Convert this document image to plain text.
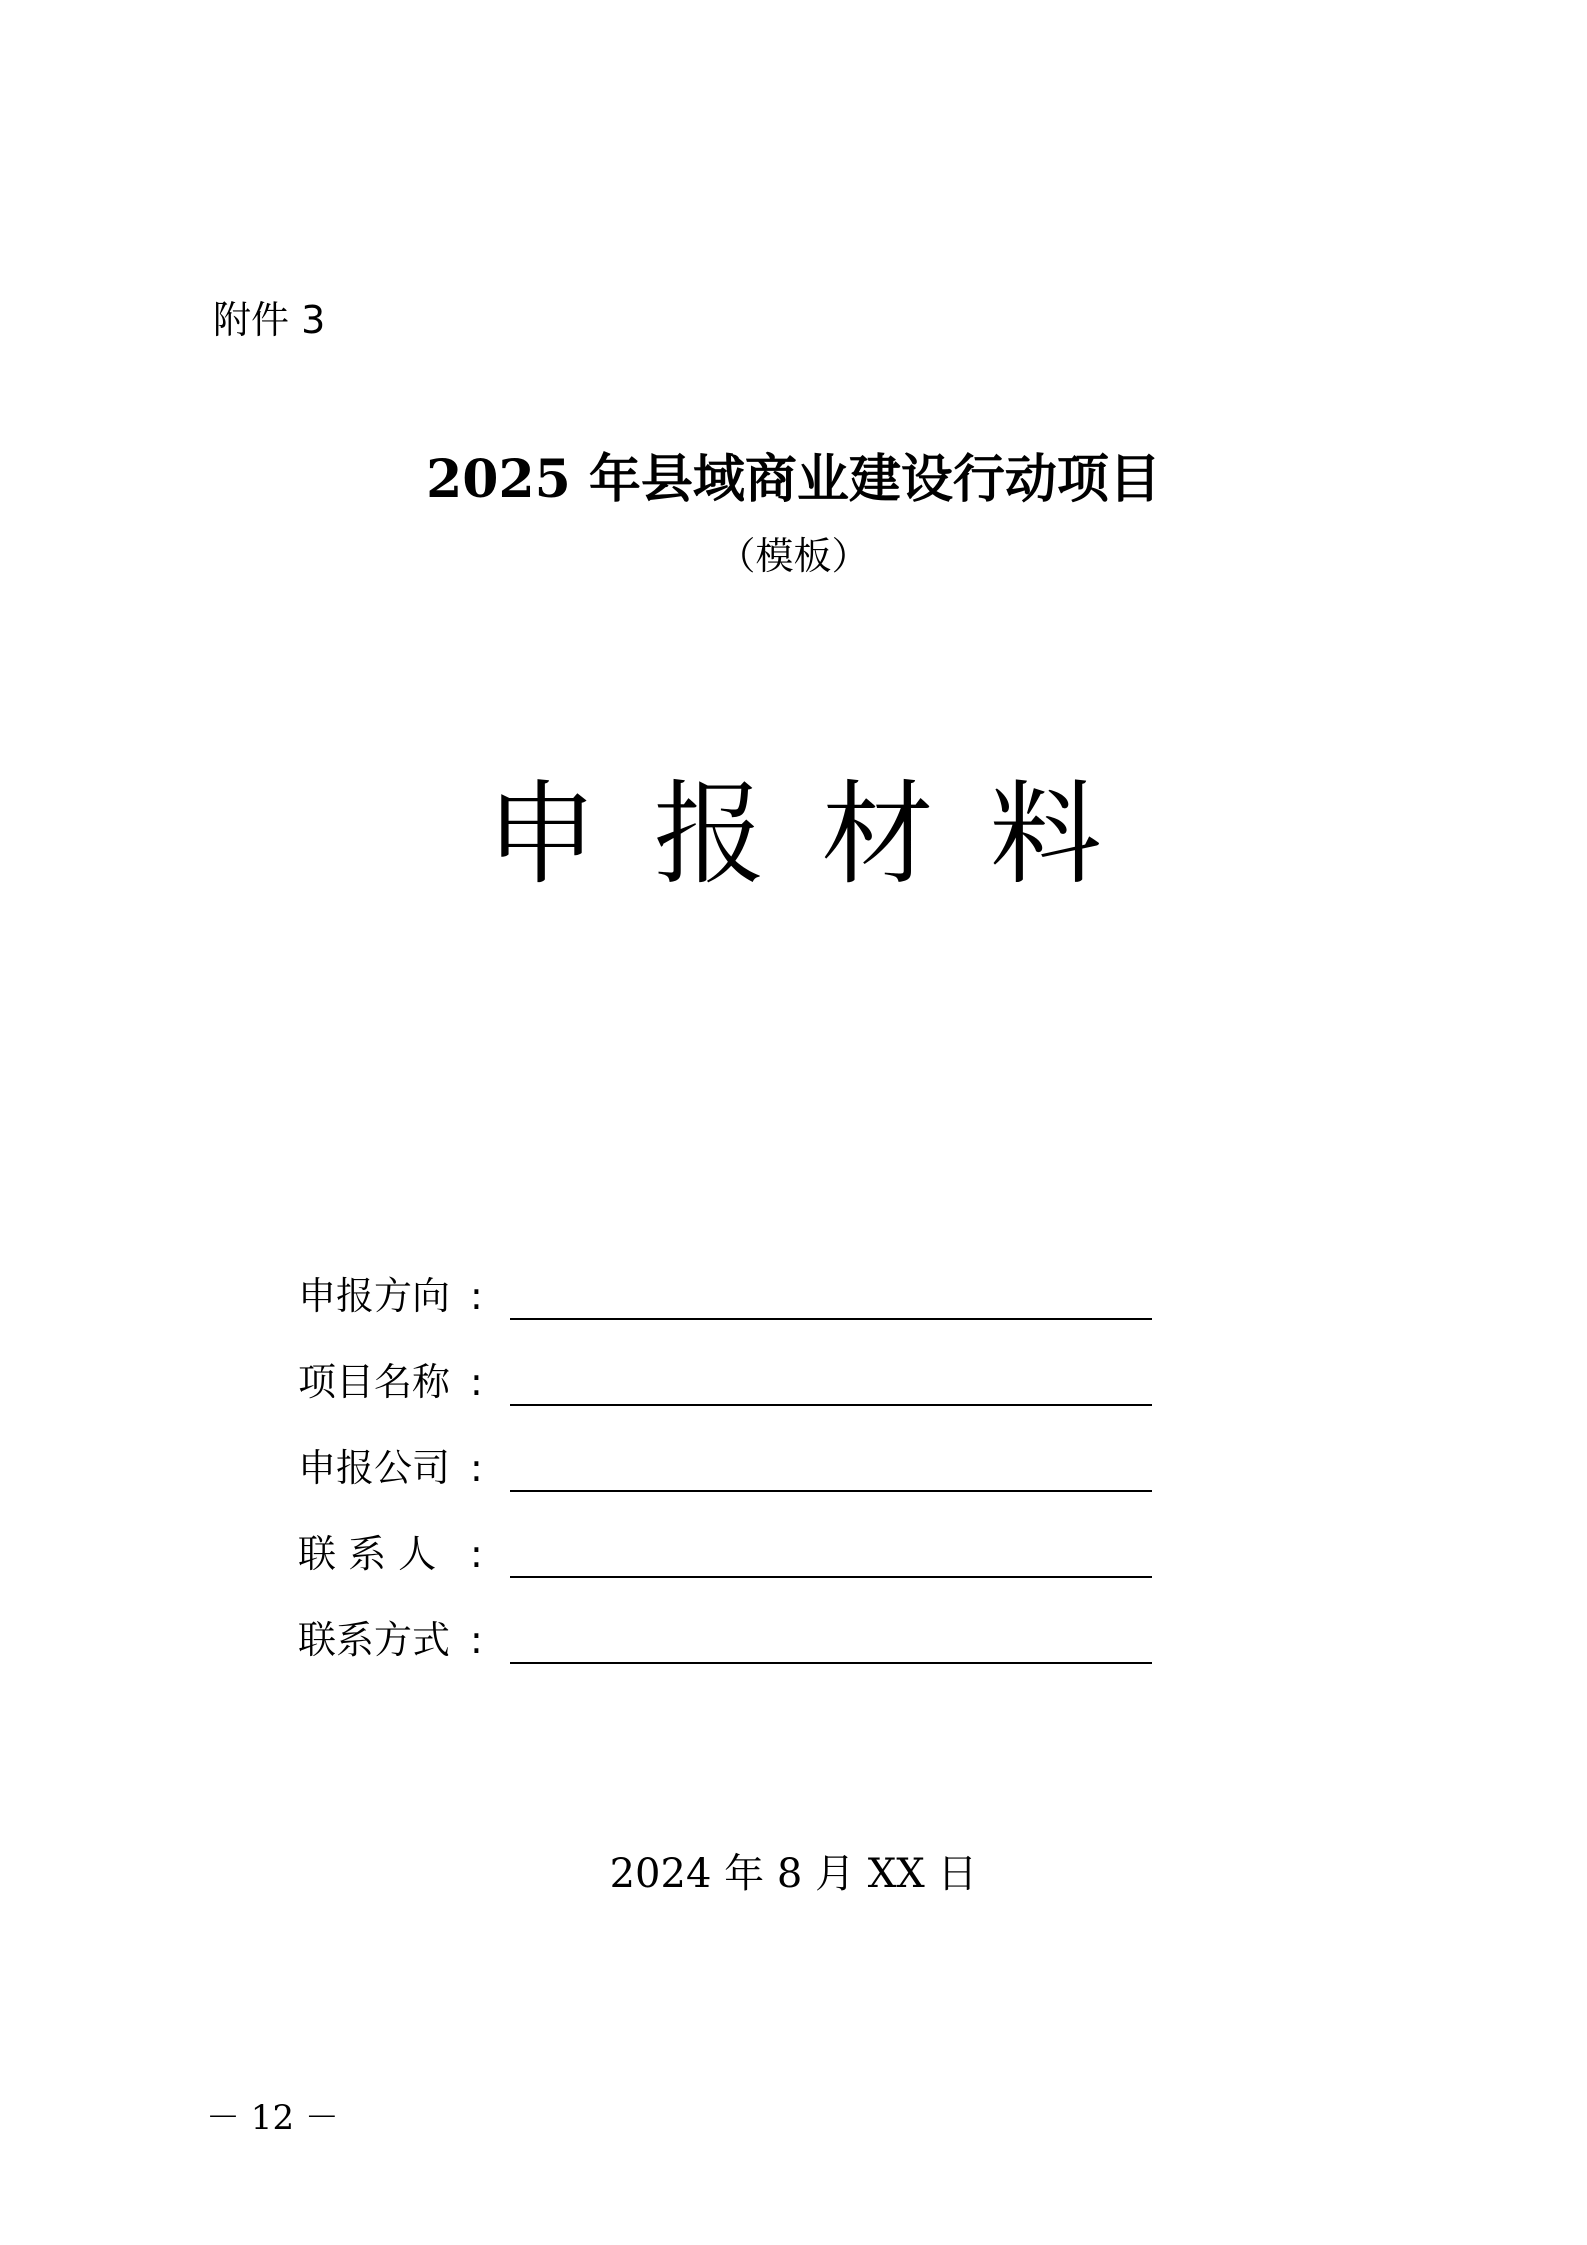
附件 3
2025 年县域商业建设行动项目
（模板）
申报材料
申报方向 :
项目名称 :
申报公司 :
联 系 人 :
联系方式 :
2024 年 8 月 XX 日
－ 12 －
